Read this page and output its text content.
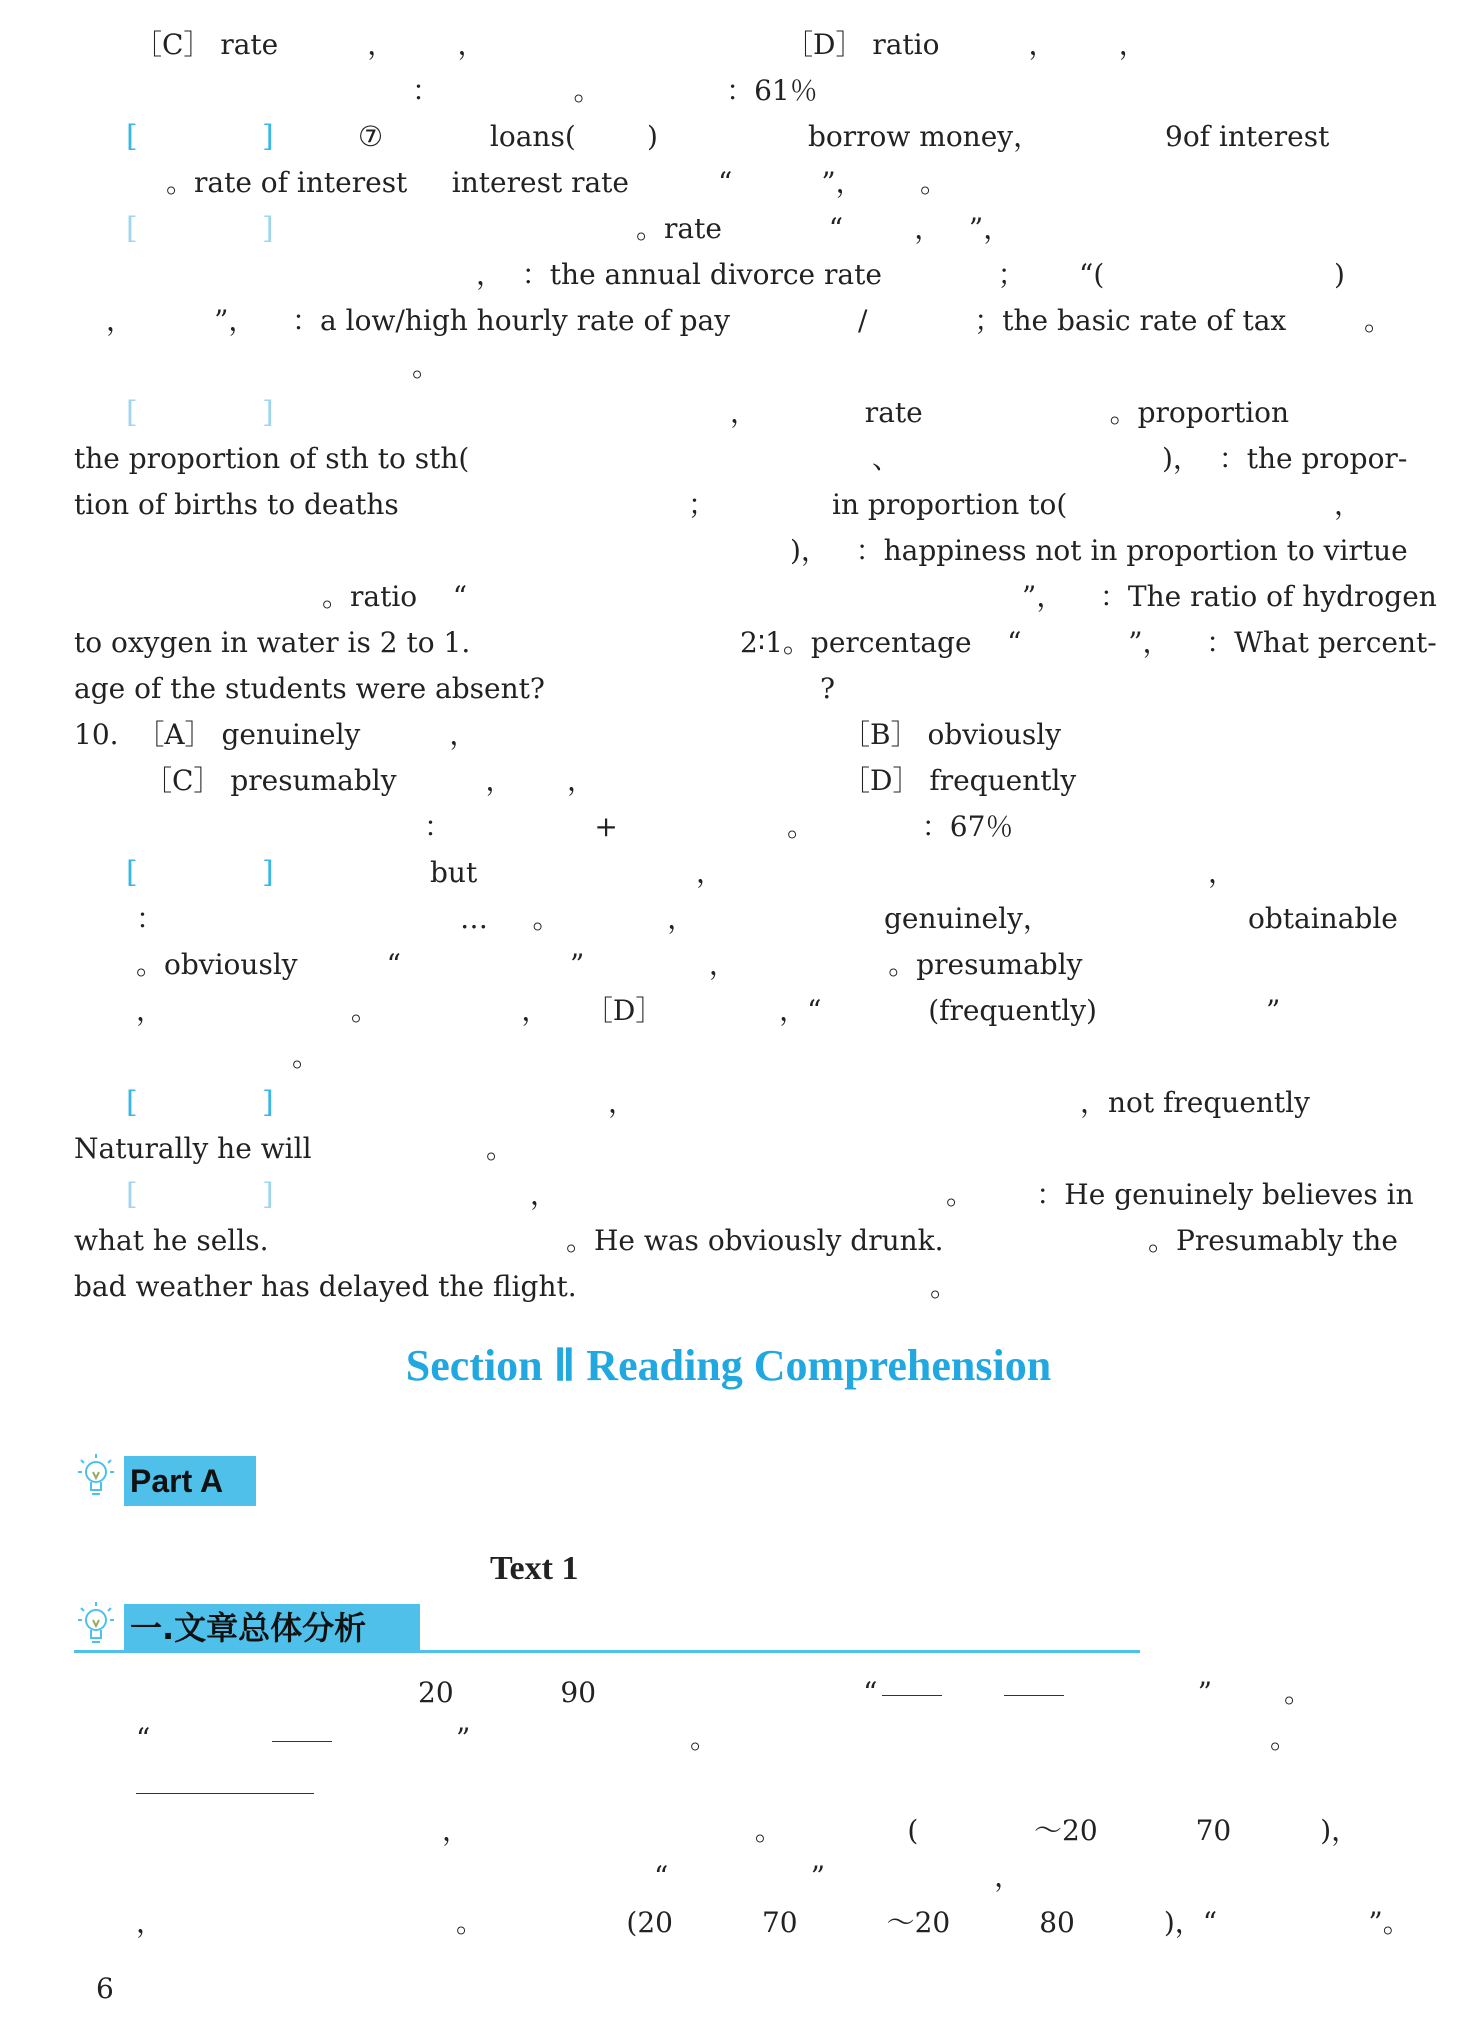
［C］ rate          ，       ，	［D］ ratio          ，       ，
：               。              ：61％
⑦            loans(        )	borrow money，	9of interest
。rate of interest     interest rate          “          ”， 。
。rate            “        ，   ”，
，  ：the annual divorce rate             ；      “(	)
，         ”，    ：a low/high hourly rate of pay	/            ；the basic rate of tax	。
。
，            rate                     。proportion
the proportion of sth to sth(	、	)，  ：the propor-
tion of births to deaths	；	in proportion to(	，
)，   ：happiness not in proportion to virtue
。ratio    “	”，    ：The ratio of hydrogen
to oxygen in water is 2 to 1.	2∶1。percentage    “            ”，    ：What percent-
age of the students were absent?	?
10.  ［A］ genuinely          ，	［B］ obviously
［C］ presumably          ，      ，	［D］ frequently
：                +                   。            ：67％
but	，	，
：	…     。            ，	genuinely，	obtainable
。obviously          “                   ”              ，                 。presumably
，                     。                ，    ［D］             ，“            (frequently)                   ”
。
，	，not frequently
Naturally he will	。
，	。       ：He genuinely believes in
what he sells.	。He was obviously drunk.	。Presumably the
bad weather has delayed the flight.	。
20            90                              “                                    ”	。
“	”	。	。
，                                。              (             ～20           70          )，
“                ”                   ，
，	。                (20          70          ～20          80          )，“                 ”。
[	]
[	]
[	]
[	]
[	]
[	]
Section Ⅱ Reading Comprehension
Part A
Text 1
一.文章总体分析
6
